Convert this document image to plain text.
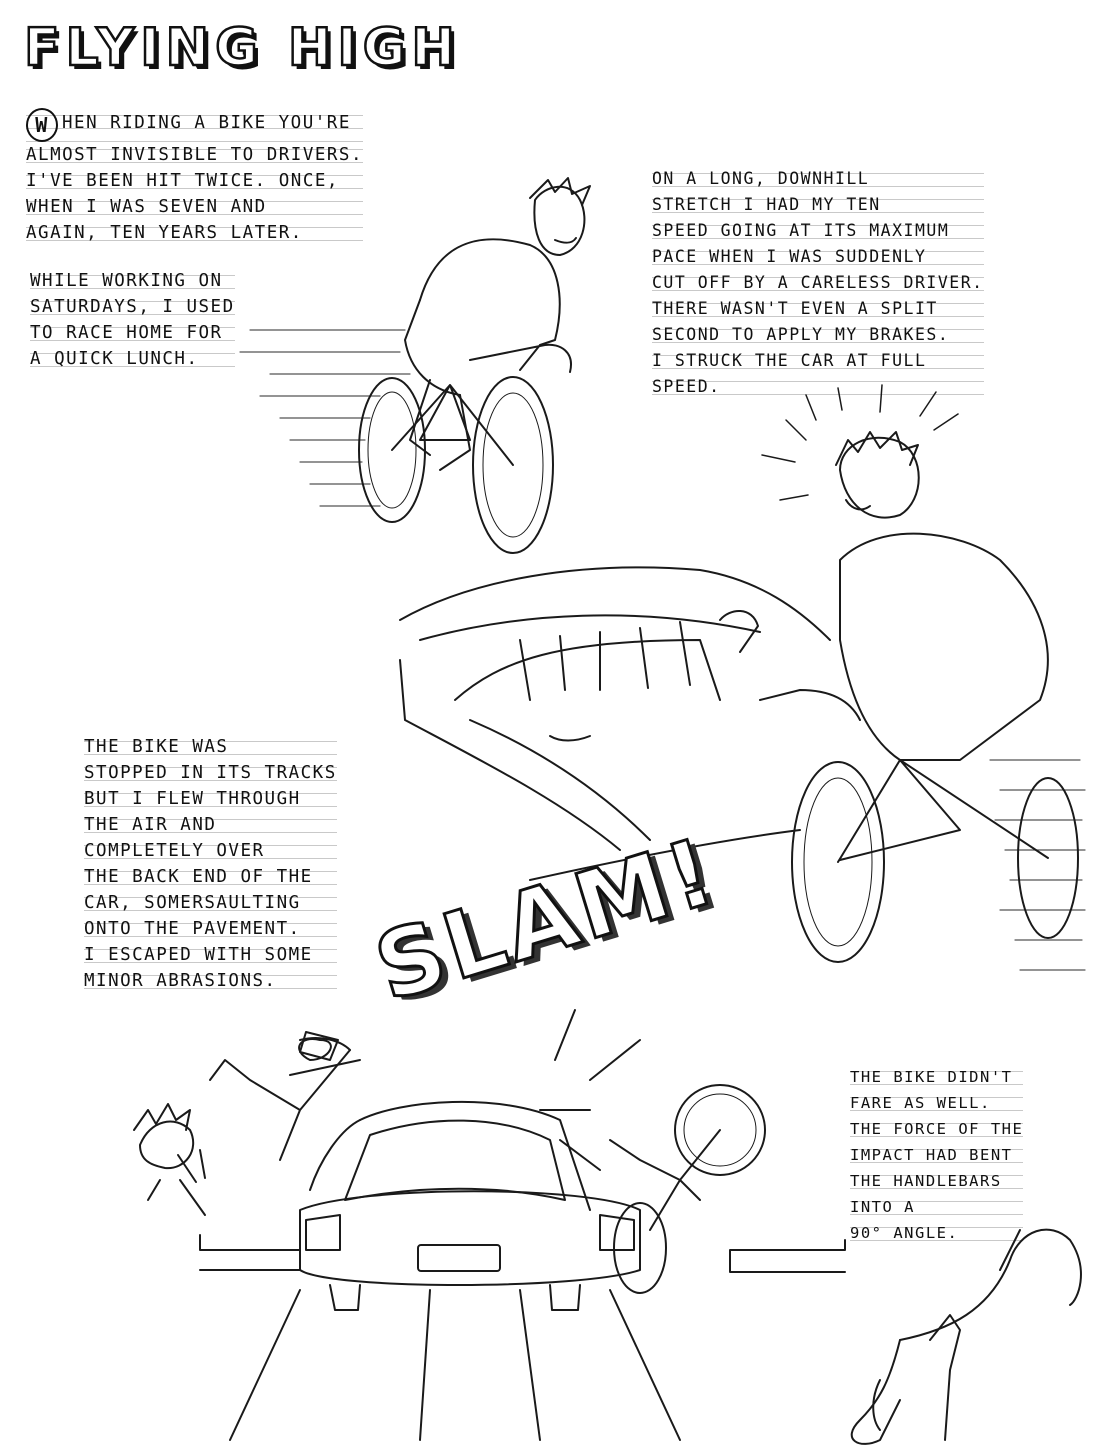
FLYING HIGH
W HEN RIDING A BIKE YOU'RE
ALMOST INVISIBLE TO DRIVERS.
I'VE BEEN HIT TWICE. ONCE,
WHEN I WAS SEVEN AND
AGAIN, TEN YEARS LATER.
WHILE WORKING ON
SATURDAYS, I USED
TO RACE HOME FOR
A QUICK LUNCH.
ON A LONG, DOWNHILL
STRETCH I HAD MY TEN
SPEED GOING AT ITS MAXIMUM
PACE WHEN I WAS SUDDENLY
CUT OFF BY A CARELESS DRIVER.
THERE WASN'T EVEN A SPLIT
SECOND TO APPLY MY BRAKES.
I STRUCK THE CAR AT FULL
SPEED.
THE BIKE WAS
STOPPED IN ITS TRACKS
BUT I FLEW THROUGH
THE AIR AND
COMPLETELY OVER
THE BACK END OF THE
CAR, SOMERSAULTING
ONTO THE PAVEMENT.
I ESCAPED WITH SOME
MINOR ABRASIONS.
THE BIKE DIDN'T
FARE AS WELL.
THE FORCE OF THE
IMPACT HAD BENT
THE HANDLEBARS
INTO A
90° ANGLE.
SLAM!
